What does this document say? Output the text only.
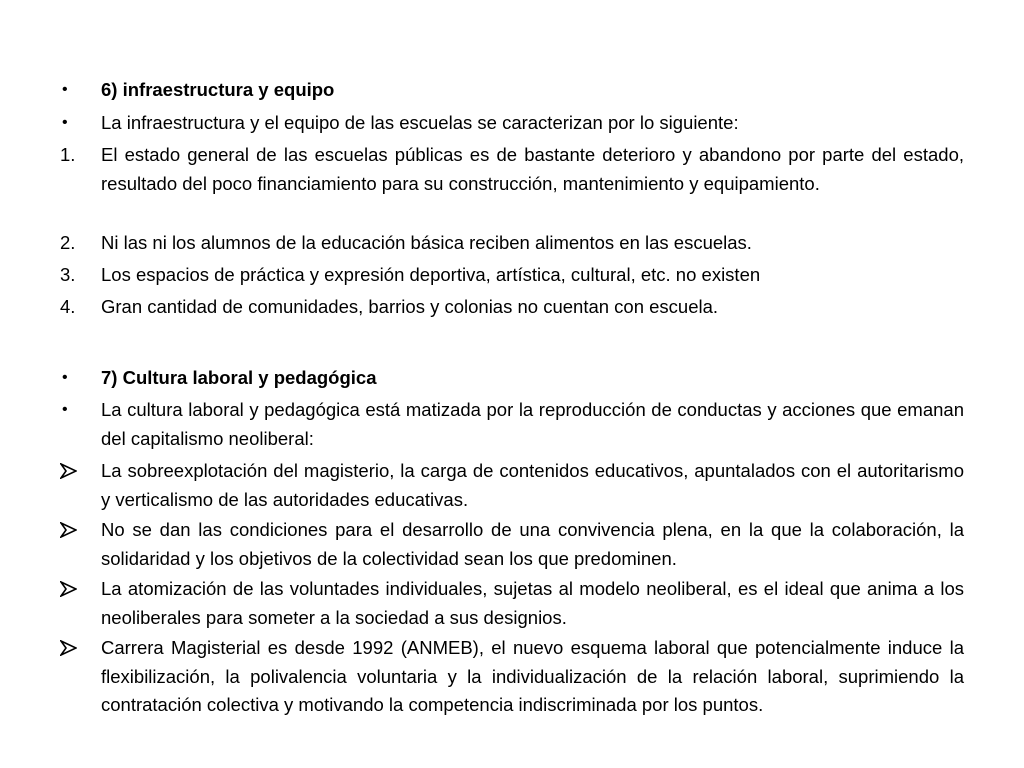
•	6) infraestructura y equipo
•	La infraestructura y el equipo de las escuelas se caracterizan por lo siguiente:
1.	El estado general de las escuelas públicas es de bastante deterioro y abandono por parte del estado, resultado del poco financiamiento para su construcción, mantenimiento y equipamiento.
2.	Ni las ni los alumnos de la educación básica reciben alimentos en las escuelas.
3.	Los espacios de práctica y expresión deportiva, artística, cultural, etc. no existen
4.	Gran cantidad de comunidades, barrios y colonias no cuentan con escuela.
•	7) Cultura laboral y pedagógica
•	La cultura laboral y pedagógica está matizada por la reproducción de conductas y acciones que emanan del capitalismo neoliberal:
La sobreexplotación del magisterio, la carga de contenidos educativos, apuntalados con el autoritarismo y verticalismo de las autoridades educativas.
No se dan las condiciones para el desarrollo de una convivencia plena, en la que la colaboración, la solidaridad y los objetivos de la colectividad sean los que predominen.
La atomización de las voluntades individuales, sujetas al modelo neoliberal, es el ideal que anima a los neoliberales para someter a la sociedad a sus designios.
Carrera Magisterial es desde 1992 (ANMEB), el nuevo esquema laboral que potencialmente induce la flexibilización, la polivalencia voluntaria y la individualización de la relación laboral, suprimiendo la contratación colectiva y motivando la competencia indiscriminada por los puntos.
